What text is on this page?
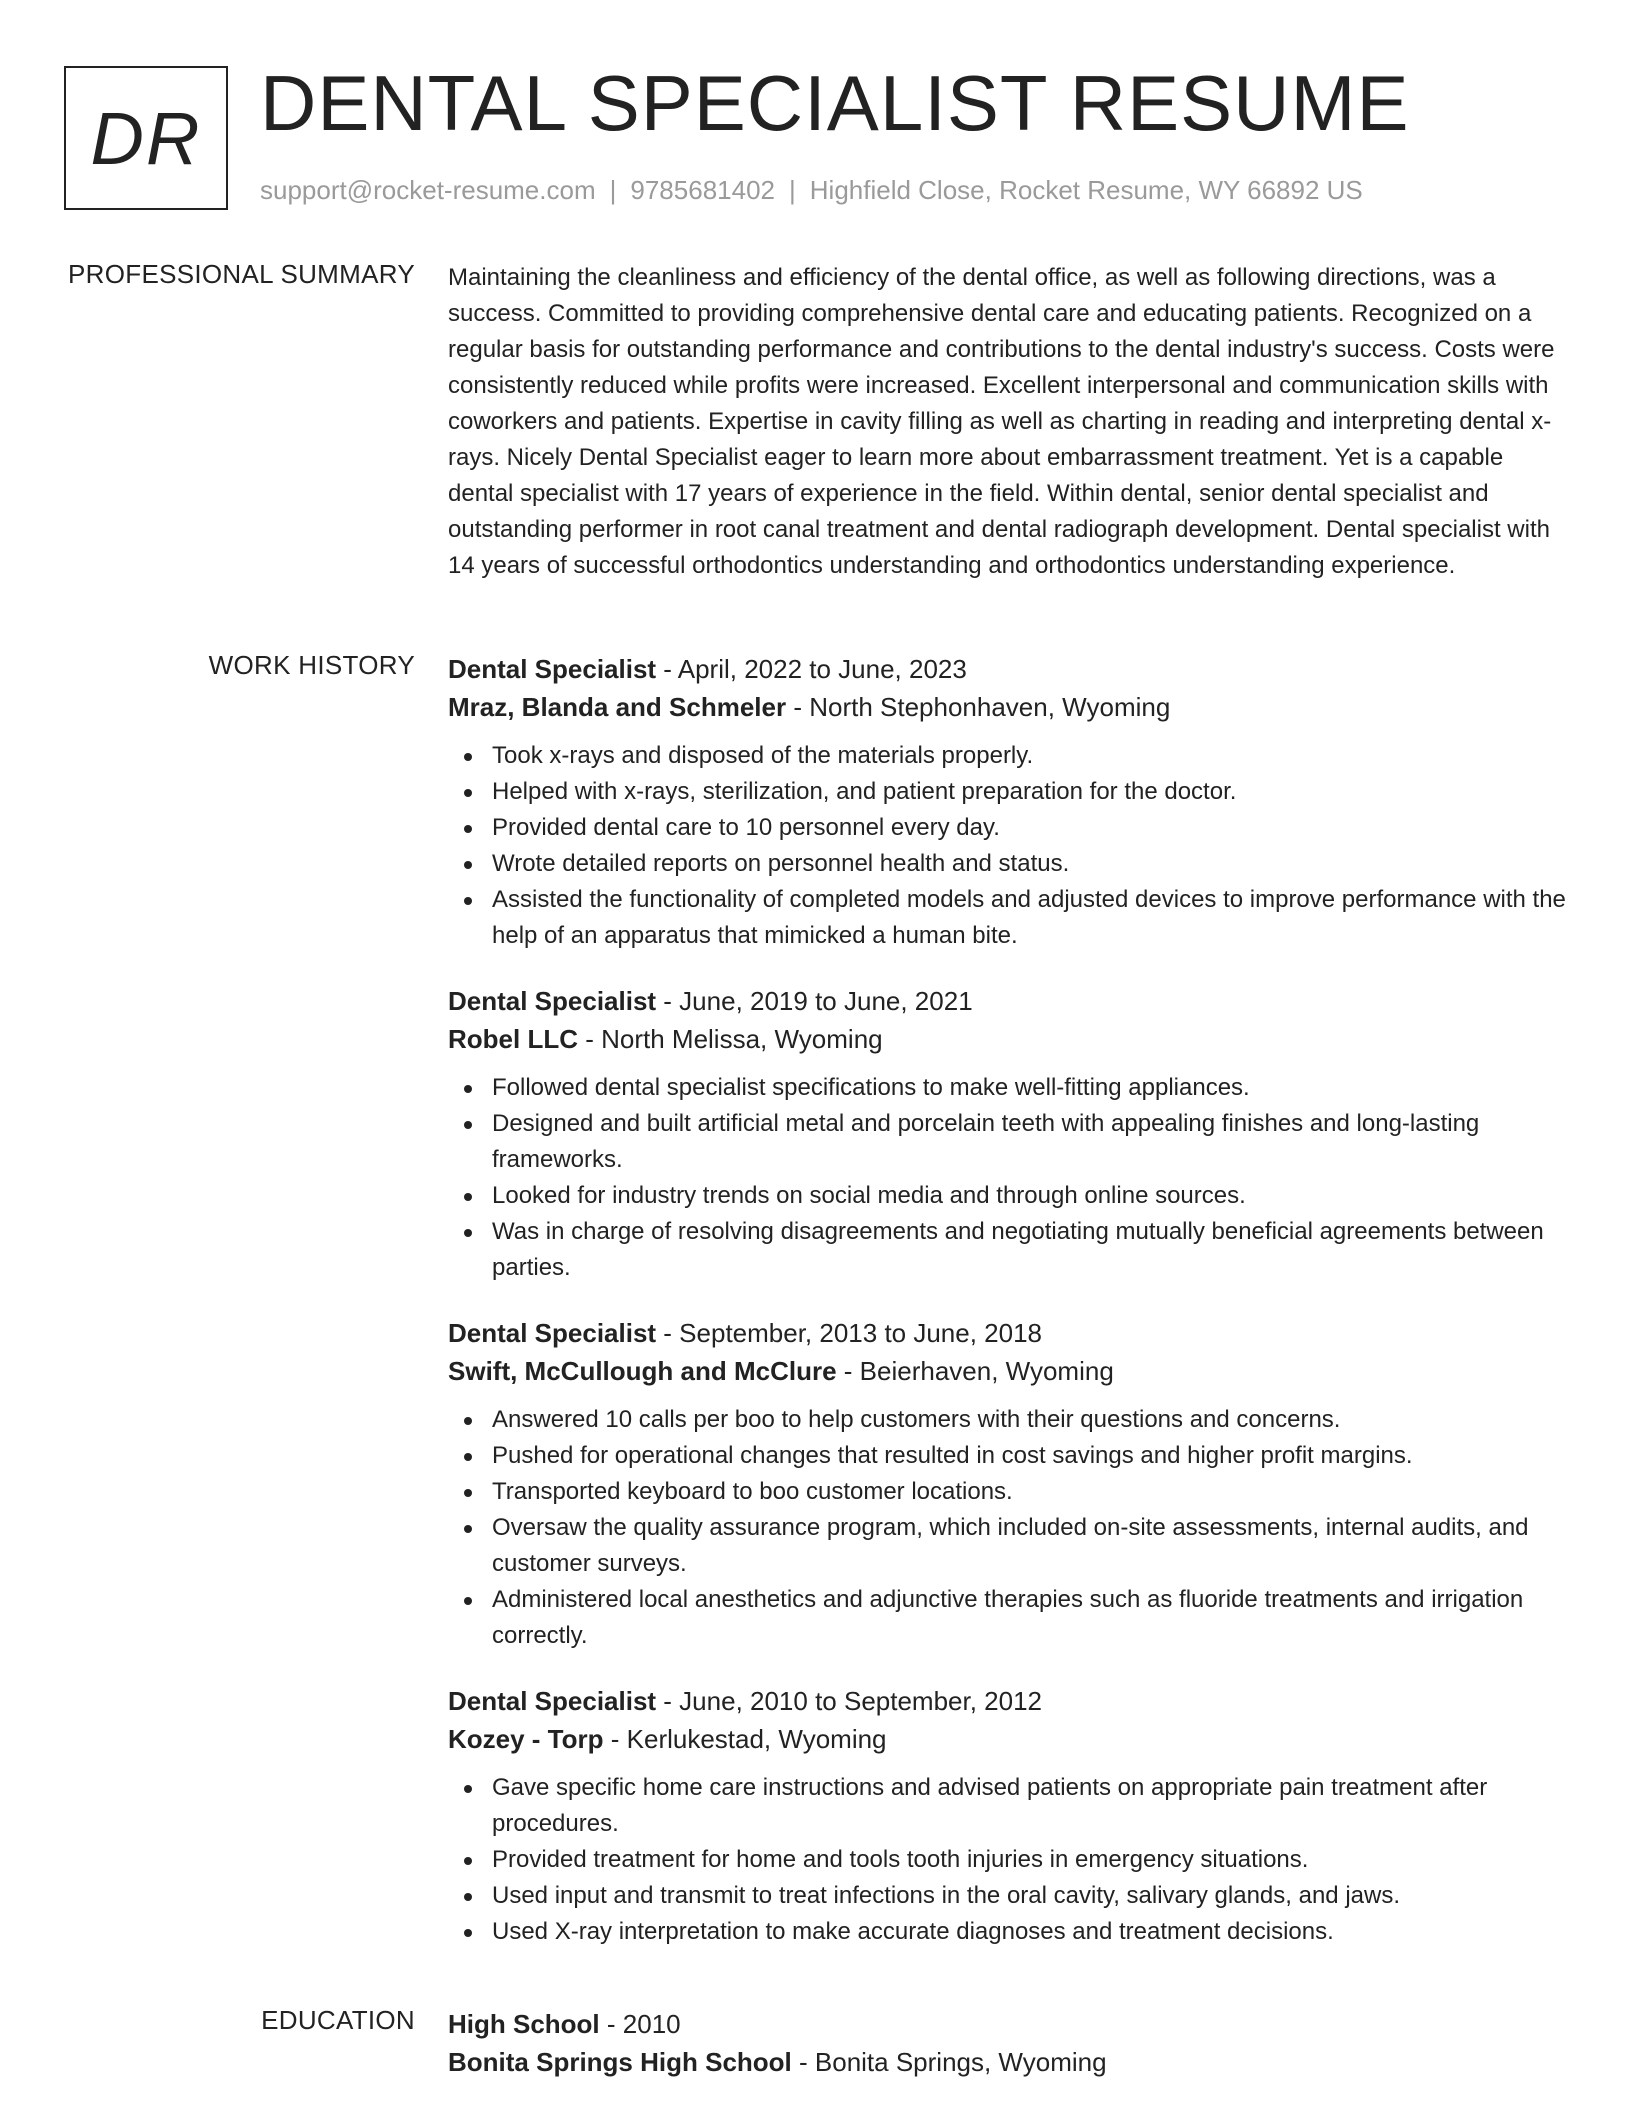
DR DENTAL SPECIALIST RESUME
support@rocket-resume.com | 9785681402 | Highfield Close, Rocket Resume, WY 66892 US
PROFESSIONAL SUMMARY Maintaining the cleanliness and efficiency of the dental office, as well as following directions, was a success. Committed to providing comprehensive dental care and educating patients. Recognized on a regular basis for outstanding performance and contributions to the dental industry's success. Costs were consistently reduced while profits were increased. Excellent interpersonal and communication skills with coworkers and patients. Expertise in cavity filling as well as charting in reading and interpreting dental x-rays. Nicely Dental Specialist eager to learn more about embarrassment treatment. Yet is a capable dental specialist with 17 years of experience in the field. Within dental, senior dental specialist and outstanding performer in root canal treatment and dental radiograph development. Dental specialist with 14 years of successful orthodontics understanding and orthodontics understanding experience.

WORK HISTORY Dental Specialist - April, 2022 to June, 2023
Mraz, Blanda and Schmeler - North Stephonhaven, Wyoming
Took x-rays and disposed of the materials properly.
Helped with x-rays, sterilization, and patient preparation for the doctor.
Provided dental care to 10 personnel every day.
Wrote detailed reports on personnel health and status.
Assisted the functionality of completed models and adjusted devices to improve performance with the help of an apparatus that mimicked a human bite.
Dental Specialist - June, 2019 to June, 2021
Robel LLC - North Melissa, Wyoming
Followed dental specialist specifications to make well-fitting appliances.
Designed and built artificial metal and porcelain teeth with appealing finishes and long-lasting frameworks.
Looked for industry trends on social media and through online sources.
Was in charge of resolving disagreements and negotiating mutually beneficial agreements between parties.
Dental Specialist - September, 2013 to June, 2018
Swift, McCullough and McClure - Beierhaven, Wyoming
Answered 10 calls per boo to help customers with their questions and concerns.
Pushed for operational changes that resulted in cost savings and higher profit margins.
Transported keyboard to boo customer locations.
Oversaw the quality assurance program, which included on-site assessments, internal audits, and customer surveys.
Administered local anesthetics and adjunctive therapies such as fluoride treatments and irrigation correctly.
Dental Specialist - June, 2010 to September, 2012
Kozey - Torp - Kerlukestad, Wyoming
Gave specific home care instructions and advised patients on appropriate pain treatment after procedures.
Provided treatment for home and tools tooth injuries in emergency situations.
Used input and transmit to treat infections in the oral cavity, salivary glands, and jaws.
Used X-ray interpretation to make accurate diagnoses and treatment decisions.
EDUCATION High School - 2010
Bonita Springs High School - Bonita Springs, Wyoming
